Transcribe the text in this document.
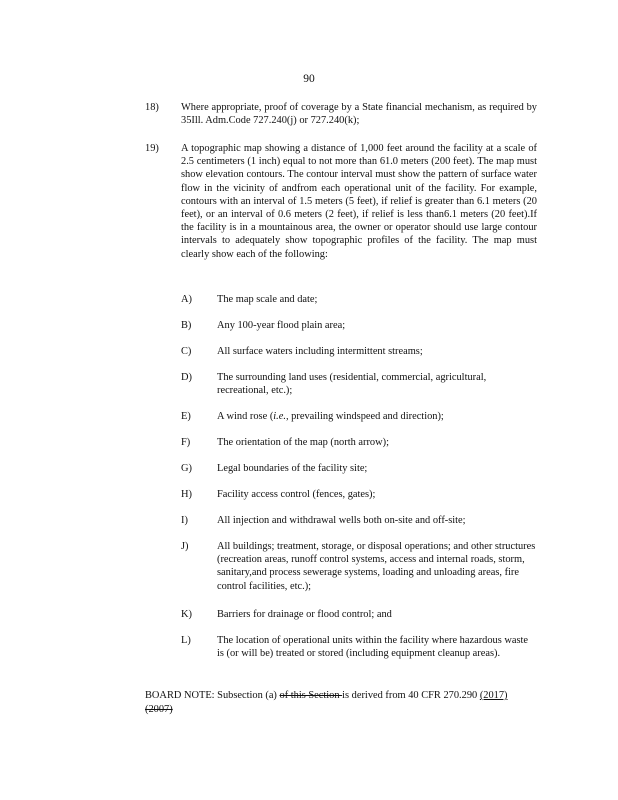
90
18) Where appropriate, proof of coverage by a State financial mechanism, as required by 35Ill. Adm.Code 727.240(j) or 727.240(k);
19) A topographic map showing a distance of 1,000 feet around the facility at a scale of 2.5 centimeters (1 inch) equal to not more than 61.0 meters (200 feet). The map must show elevation contours. The contour interval must show the pattern of surface water flow in the vicinity of andfrom each operational unit of the facility. For example, contours with an interval of 1.5 meters (5 feet), if relief is greater than 6.1 meters (20 feet), or an interval of 0.6 meters (2 feet), if relief is less than6.1 meters (20 feet).If the facility is in a mountainous area, the owner or operator should use large contour intervals to adequately show topographic profiles of the facility. The map must clearly show each of the following:
A) The map scale and date;
B) Any 100-year flood plain area;
C) All surface waters including intermittent streams;
D) The surrounding land uses (residential, commercial, agricultural, recreational, etc.);
E)	A wind rose (i.e., prevailing windspeed and direction);
F)	The orientation of the map (north arrow);
G) Legal boundaries of the facility site;
H) Facility access control (fences, gates);
I)	All injection and withdrawal wells both on-site and off-site;
J)	All buildings; treatment, storage, or disposal operations; and other structures (recreation areas, runoff control systems, access and internal roads, storm, sanitary,and process sewerage systems, loading and unloading areas, fire control facilities, etc.);
K) Barriers for drainage or flood control; and
L)	The location of operational units within the facility where hazardous waste is (or will be) treated or stored (including equipment cleanup areas).
BOARD NOTE: Subsection (a) of this Section is derived from 40 CFR 270.290 (2017) (2007)
